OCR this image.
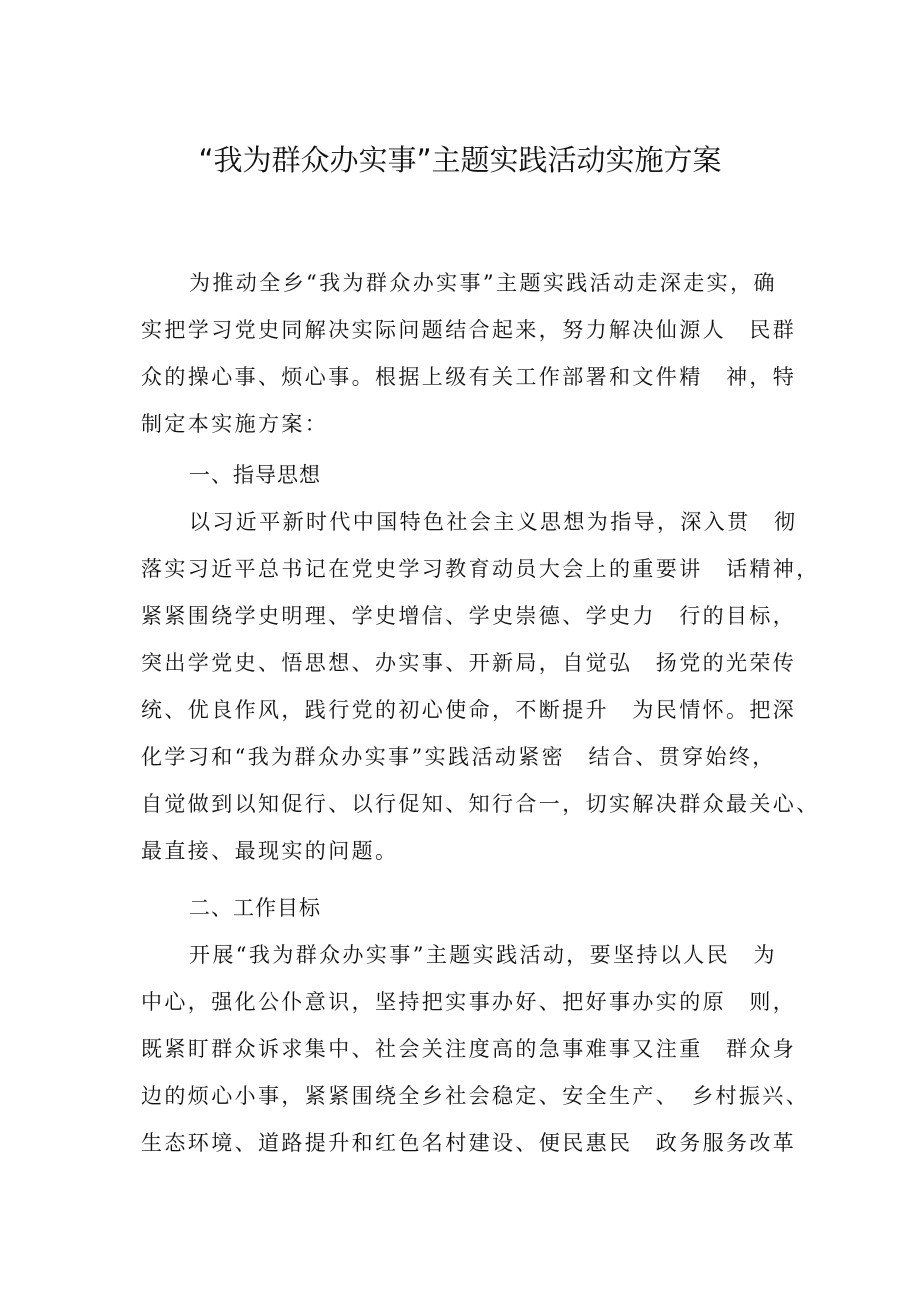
“我为群众办实事”主题实践活动实施方案
为推动全乡“我为群众办实事”主题实践活动走深走实，确
实把学习党史同解决实际问题结合起来，努力解决仙源人　民群
众的操心事、烦心事。根据上级有关工作部署和文件精　神，特
制定本实施方案：
一、指导思想
以习近平新时代中国特色社会主义思想为指导，深入贯　彻
落实习近平总书记在党史学习教育动员大会上的重要讲　话精神，
紧紧围绕学史明理、学史增信、学史崇德、学史力　行的目标，
突出学党史、悟思想、办实事、开新局，自觉弘　扬党的光荣传
统、优良作风，践行党的初心使命，不断提升　为民情怀。把深
化学习和“我为群众办实事”实践活动紧密　结合、贯穿始终，
自觉做到以知促行、以行促知、知行合一，切实解决群众最关心、
最直接、最现实的问题。
二、工作目标
开展“我为群众办实事”主题实践活动，要坚持以人民　为
中心，强化公仆意识，坚持把实事办好、把好事办实的原　则，
既紧盯群众诉求集中、社会关注度高的急事难事又注重　群众身
边的烦心小事，紧紧围绕全乡社会稳定、安全生产、　乡村振兴、
生态环境、道路提升和红色名村建设、便民惠民　政务服务改革
